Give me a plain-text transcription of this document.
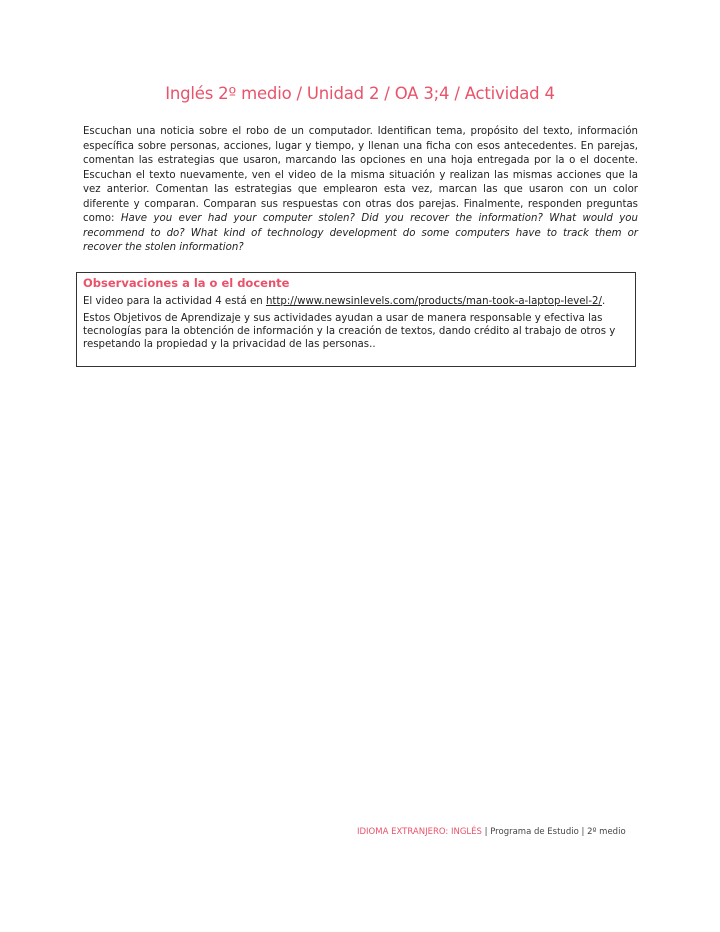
Inglés 2º medio / Unidad 2 / OA 3;4 / Actividad 4
Escuchan una noticia sobre el robo de un computador. Identifican tema, propósito del texto, información específica sobre personas, acciones, lugar y tiempo, y llenan una ficha con esos antecedentes. En parejas, comentan las estrategias que usaron, marcando las opciones en una hoja entregada por la o el docente. Escuchan el texto nuevamente, ven el video de la misma situación y realizan las mismas acciones que la vez anterior. Comentan las estrategias que emplearon esta vez, marcan las que usaron con un color diferente y comparan. Comparan sus respuestas con otras dos parejas. Finalmente, responden preguntas como: Have you ever had your computer stolen? Did you recover the information? What would you recommend to do? What kind of technology development do some computers have to track them or recover the stolen information?
Observaciones a la o el docente

El video para la actividad 4 está en http://www.newsinlevels.com/products/man-took-a-laptop-level-2/.

Estos Objetivos de Aprendizaje y sus actividades ayudan a usar de manera responsable y efectiva las tecnologías para la obtención de información y la creación de textos, dando crédito al trabajo de otros y respetando la propiedad y la privacidad de las personas..

IDIOMA EXTRANJERO: INGLÉS | Programa de Estudio | 2º medio
